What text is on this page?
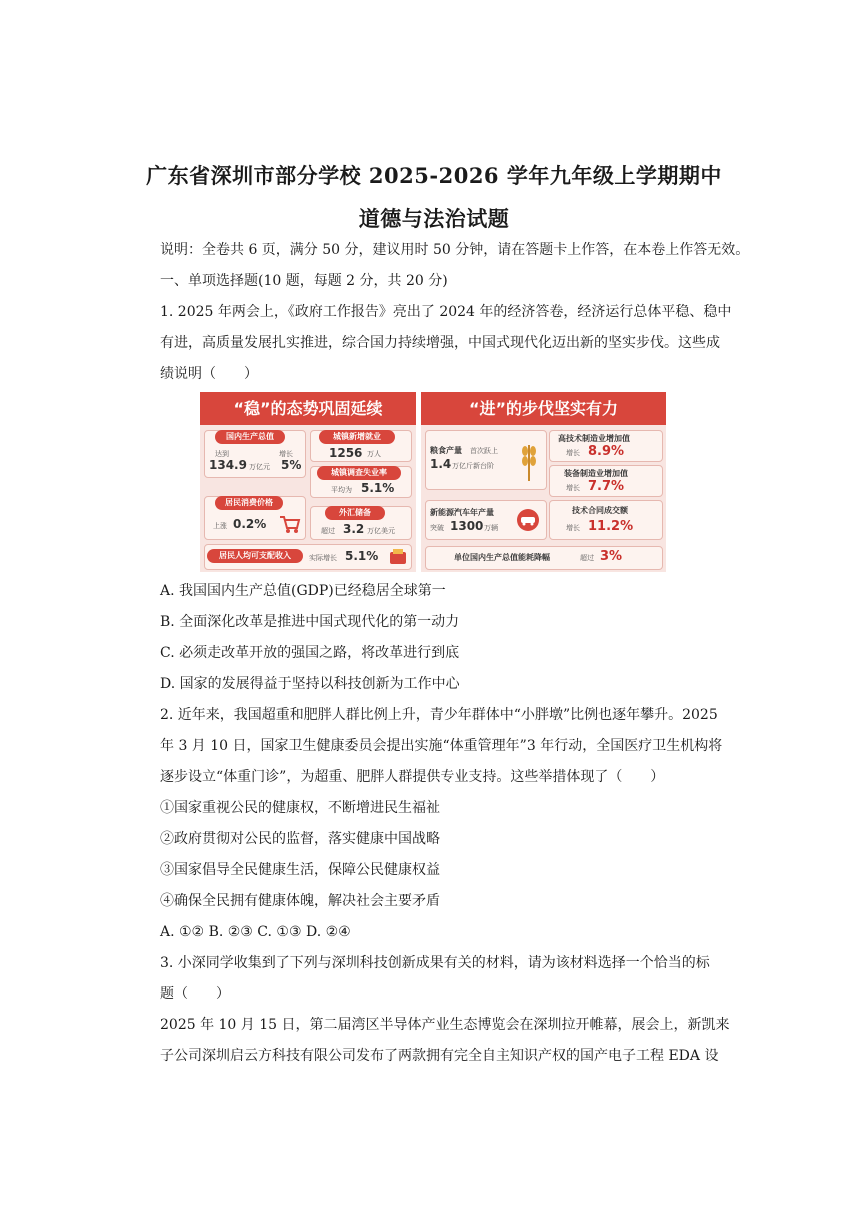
广东省深圳市部分学校 2025-2026 学年九年级上学期期中
道德与法治试题
说明：全卷共 6 页，满分 50 分，建议用时 50 分钟，请在答题卡上作答，在本卷上作答无效。
一、单项选择题(10 题，每题 2 分，共 20 分)
1. 2025 年两会上，《政府工作报告》亮出了 2024 年的经济答卷，经济运行总体平稳、稳中
有进，高质量发展扎实推进，综合国力持续增强，中国式现代化迈出新的坚实步伐。这些成
绩说明（　　）
“稳”的态势巩固延续
国内生产总值
达到
134.9 万亿元
增长
5%
城镇新增就业
1256 万人
城镇调查失业率
平均为 5.1%
居民消费价格
上涨 0.2%
外汇储备
超过 3.2 万亿美元
居民人均可支配收入	实际增长 5.1%
“进”的步伐坚实有力
粮食产量 首次跃上
1.4 万亿斤新台阶
高技术制造业增加值
增长 8.9%
装备制造业增加值
增长 7.7%
新能源汽车年产量
突破 1300 万辆
技术合同成交额
增长 11.2%
单位国内生产总值能耗降幅	超过 3%
A. 我国国内生产总值(GDP)已经稳居全球第一
B. 全面深化改革是推进中国式现代化的第一动力
C. 必须走改革开放的强国之路，将改革进行到底
D. 国家的发展得益于坚持以科技创新为工作中心
2. 近年来，我国超重和肥胖人群比例上升，青少年群体中“小胖墩”比例也逐年攀升。2025
年 3 月 10 日，国家卫生健康委员会提出实施“体重管理年”3 年行动，全国医疗卫生机构将
逐步设立“体重门诊”，为超重、肥胖人群提供专业支持。这些举措体现了（　　）
①国家重视公民的健康权，不断增进民生福祉
②政府贯彻对公民的监督，落实健康中国战略
③国家倡导全民健康生活，保障公民健康权益
④确保全民拥有健康体魄，解决社会主要矛盾
A. ①② B. ②③ C. ①③ D. ②④
3. 小深同学收集到了下列与深圳科技创新成果有关的材料，请为该材料选择一个恰当的标
题（　　）
2025 年 10 月 15 日，第二届湾区半导体产业生态博览会在深圳拉开帷幕，展会上，新凯来
子公司深圳启云方科技有限公司发布了两款拥有完全自主知识产权的国产电子工程 EDA 设
